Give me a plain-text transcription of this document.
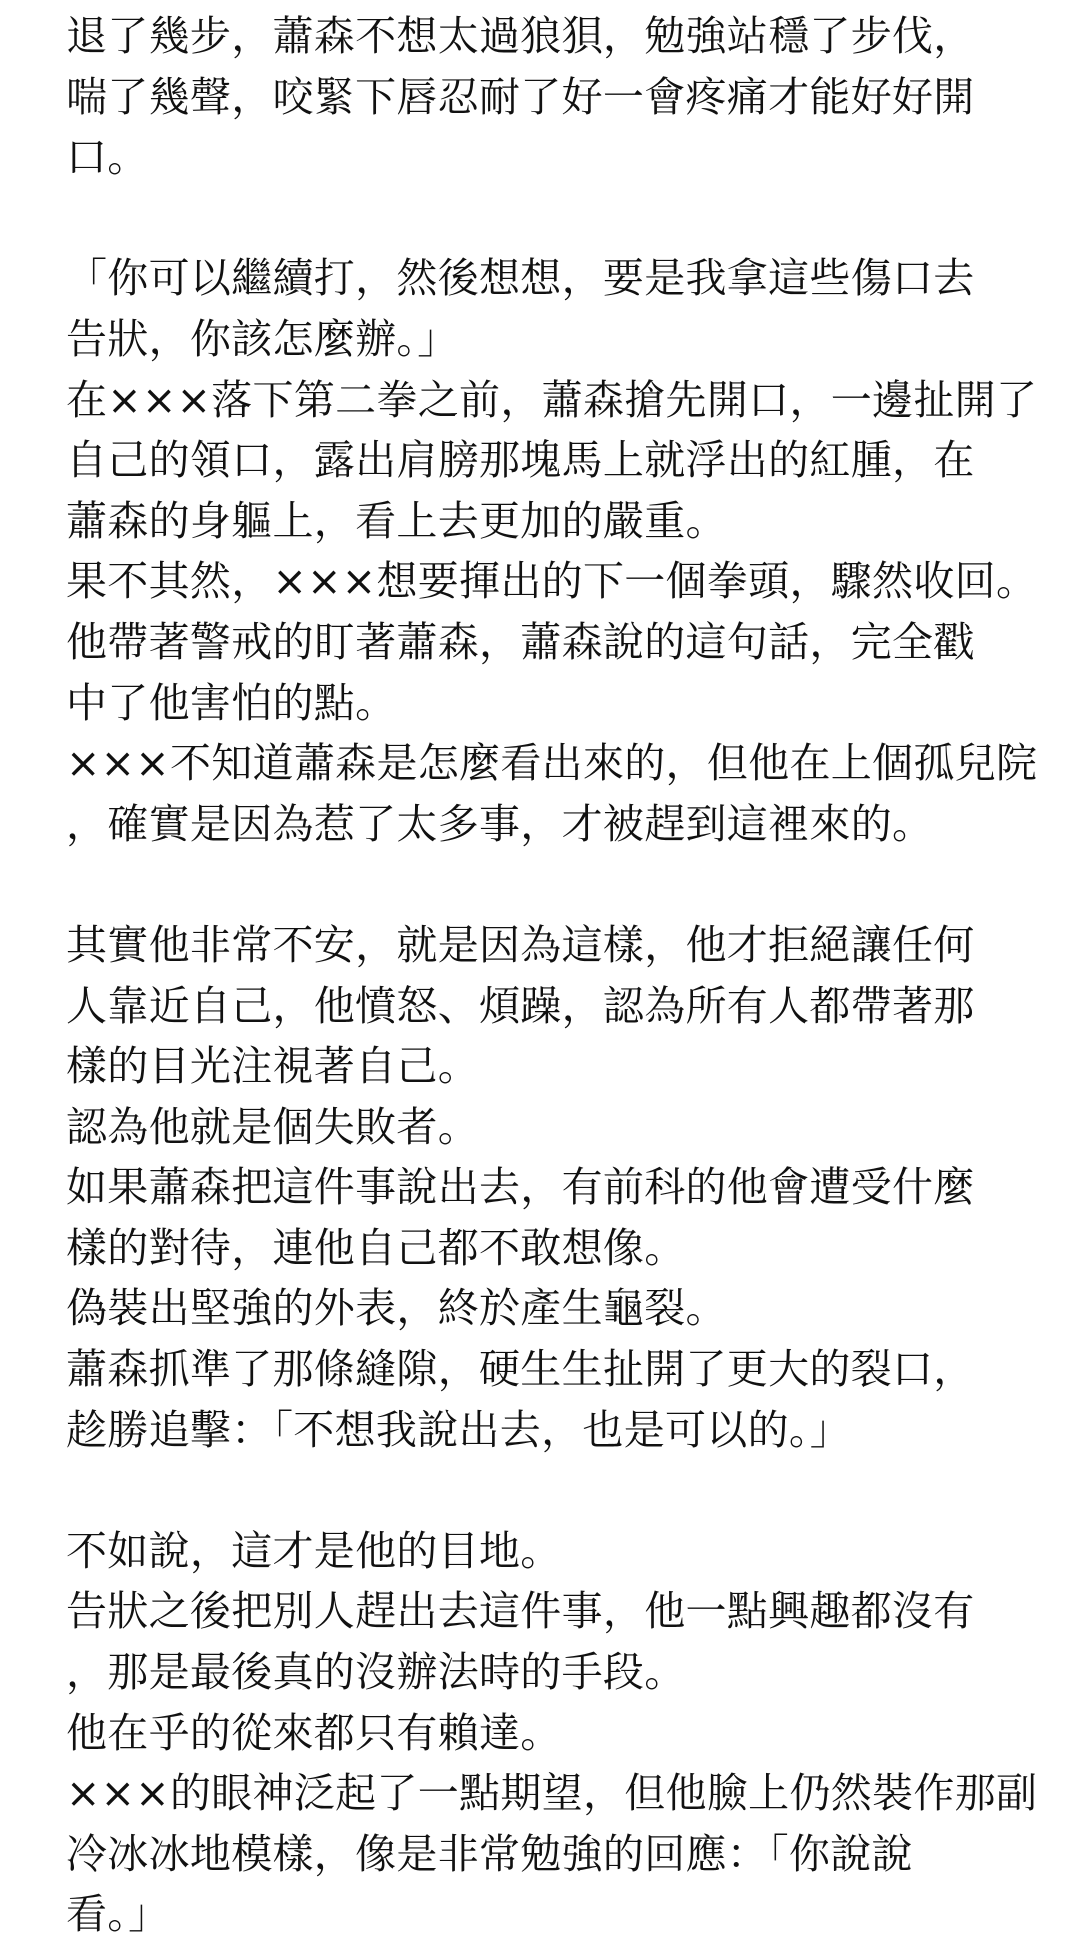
退了幾步，蕭森不想太過狼狽，勉強站穩了步伐，
喘了幾聲，咬緊下唇忍耐了好一會疼痛才能好好開
口。
「你可以繼續打，然後想想，要是我拿這些傷口去
告狀，你該怎麼辦。」
在×××落下第二拳之前，蕭森搶先開口，一邊扯開了
自己的領口，露出肩膀那塊馬上就浮出的紅腫，在
蕭森的身軀上，看上去更加的嚴重。
果不其然，×××想要揮出的下一個拳頭，驟然收回。
他帶著警戒的盯著蕭森，蕭森說的這句話，完全戳
中了他害怕的點。
×××不知道蕭森是怎麼看出來的，但他在上個孤兒院
，確實是因為惹了太多事，才被趕到這裡來的。
其實他非常不安，就是因為這樣，他才拒絕讓任何
人靠近自己，他憤怒、煩躁，認為所有人都帶著那
樣的目光注視著自己。
認為他就是個失敗者。
如果蕭森把這件事說出去，有前科的他會遭受什麼
樣的對待，連他自己都不敢想像。
偽裝出堅強的外表，終於產生龜裂。
蕭森抓準了那條縫隙，硬生生扯開了更大的裂口，
趁勝追擊：「不想我說出去，也是可以的。」
不如說，這才是他的目地。
告狀之後把別人趕出去這件事，他一點興趣都沒有
，那是最後真的沒辦法時的手段。
他在乎的從來都只有賴達。
×××的眼神泛起了一點期望，但他臉上仍然裝作那副
冷冰冰地模樣，像是非常勉強的回應：「你說說
看。」
